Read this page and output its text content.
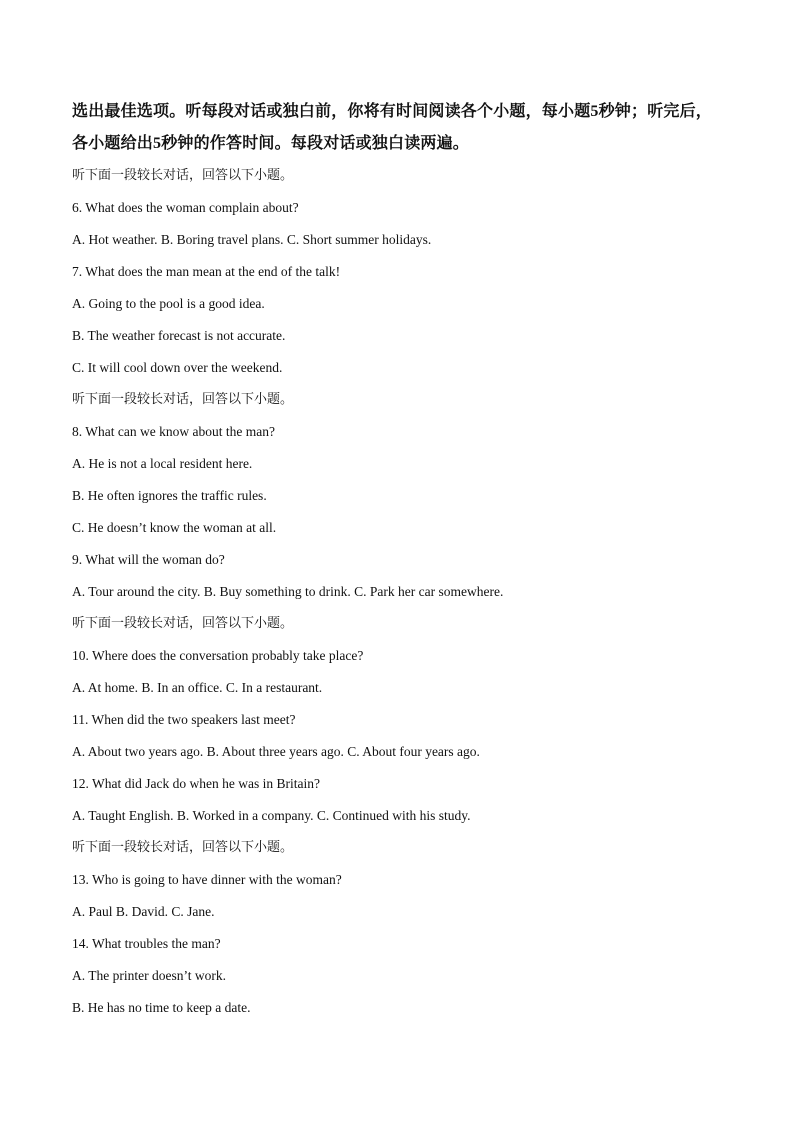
选出最佳选项。听每段对话或独白前，你将有时间阅读各个小题，每小题5秒钟；听完后，

各小题给出5秒钟的作答时间。每段对话或独白读两遍。

听下面一段较长对话，回答以下小题。

6. What does the woman complain about?

A. Hot weather. B. Boring travel plans. C. Short summer holidays.

7. What does the man mean at the end of the talk!

A. Going to the pool is a good idea.

B. The weather forecast is not accurate.

C. It will cool down over the weekend.

听下面一段较长对话，回答以下小题。

8. What can we know about the man?

A. He is not a local resident here.

B. He often ignores the traffic rules.

C. He doesn’t know the woman at all.

9. What will the woman do?

A. Tour around the city. B. Buy something to drink. C. Park her car somewhere.

听下面一段较长对话，回答以下小题。

10. Where does the conversation probably take place?

A. At home. B. In an office. C. In a restaurant.

11. When did the two speakers last meet?

A. About two years ago. B. About three years ago. C. About four years ago.

12. What did Jack do when he was in Britain?

A. Taught English. B. Worked in a company. C. Continued with his study.

听下面一段较长对话，回答以下小题。

13. Who is going to have dinner with the woman?

A. Paul B. David. C. Jane.

14. What troubles the man?

A. The printer doesn’t work.

B. He has no time to keep a date.
